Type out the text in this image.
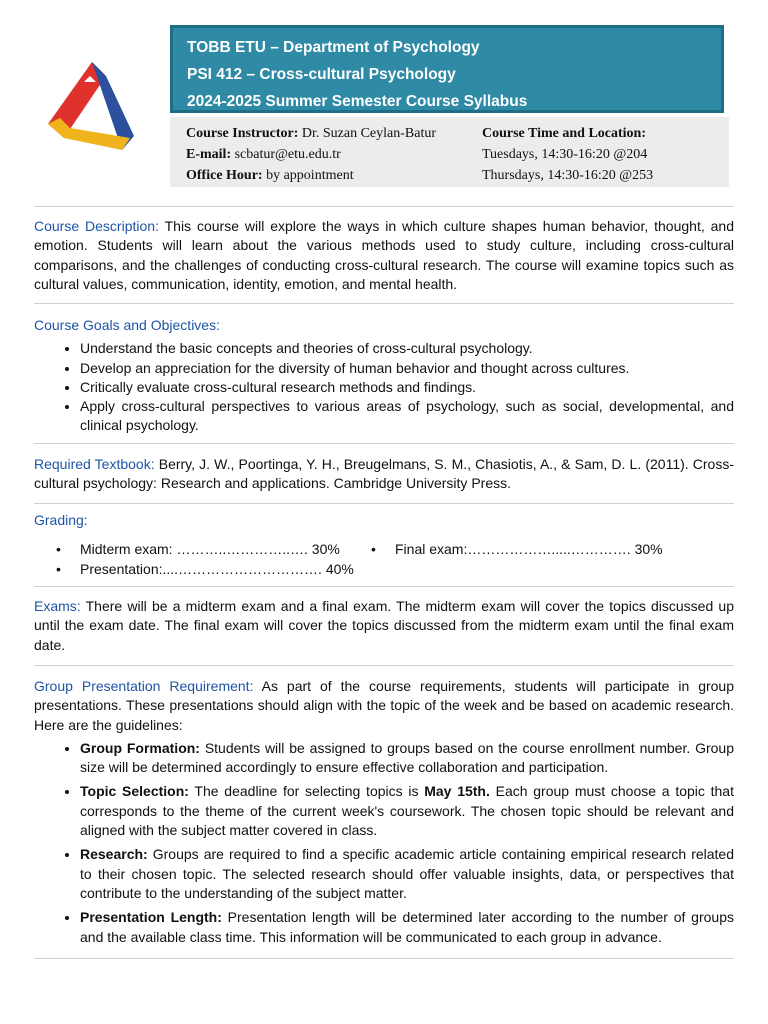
TOBB ETU – Department of Psychology
PSI 412 – Cross-cultural Psychology
2024-2025 Summer Semester Course Syllabus
Course Instructor: Dr. Suzan Ceylan-Batur
E-mail: scbatur@etu.edu.tr
Office Hour: by appointment
Course Time and Location:
Tuesdays, 14:30-16:20 @204
Thursdays, 14:30-16:20 @253
Course Description: This course will explore the ways in which culture shapes human behavior, thought, and emotion. Students will learn about the various methods used to study culture, including cross-cultural comparisons, and the challenges of conducting cross-cultural research. The course will examine topics such as cultural values, communication, identity, emotion, and mental health.
Course Goals and Objectives:
• Understand the basic concepts and theories of cross-cultural psychology.
• Develop an appreciation for the diversity of human behavior and thought across cultures.
• Critically evaluate cross-cultural research methods and findings.
• Apply cross-cultural perspectives to various areas of psychology, such as social, developmental, and clinical psychology.
Required Textbook: Berry, J. W., Poortinga, Y. H., Breugelmans, S. M., Chasiotis, A., & Sam, D. L. (2011). Cross-cultural psychology: Research and applications. Cambridge University Press.
Grading:
• Midterm exam: ………..…………..…. 30% • Final exam:……………….....…………. 30%
• Presentation:....…………………………. 40%
Exams: There will be a midterm exam and a final exam. The midterm exam will cover the topics discussed up until the exam date. The final exam will cover the topics discussed from the midterm exam until the final exam date.
Group Presentation Requirement: As part of the course requirements, students will participate in group presentations. These presentations should align with the topic of the week and be based on academic research. Here are the guidelines:
• Group Formation: Students will be assigned to groups based on the course enrollment number. Group size will be determined accordingly to ensure effective collaboration and participation.
• Topic Selection: The deadline for selecting topics is May 15th. Each group must choose a topic that corresponds to the theme of the current week's coursework. The chosen topic should be relevant and aligned with the subject matter covered in class.
• Research: Groups are required to find a specific academic article containing empirical research related to their chosen topic. The selected research should offer valuable insights, data, or perspectives that contribute to the understanding of the subject matter.
• Presentation Length: Presentation length will be determined later according to the number of groups and the available class time. This information will be communicated to each group in advance.
